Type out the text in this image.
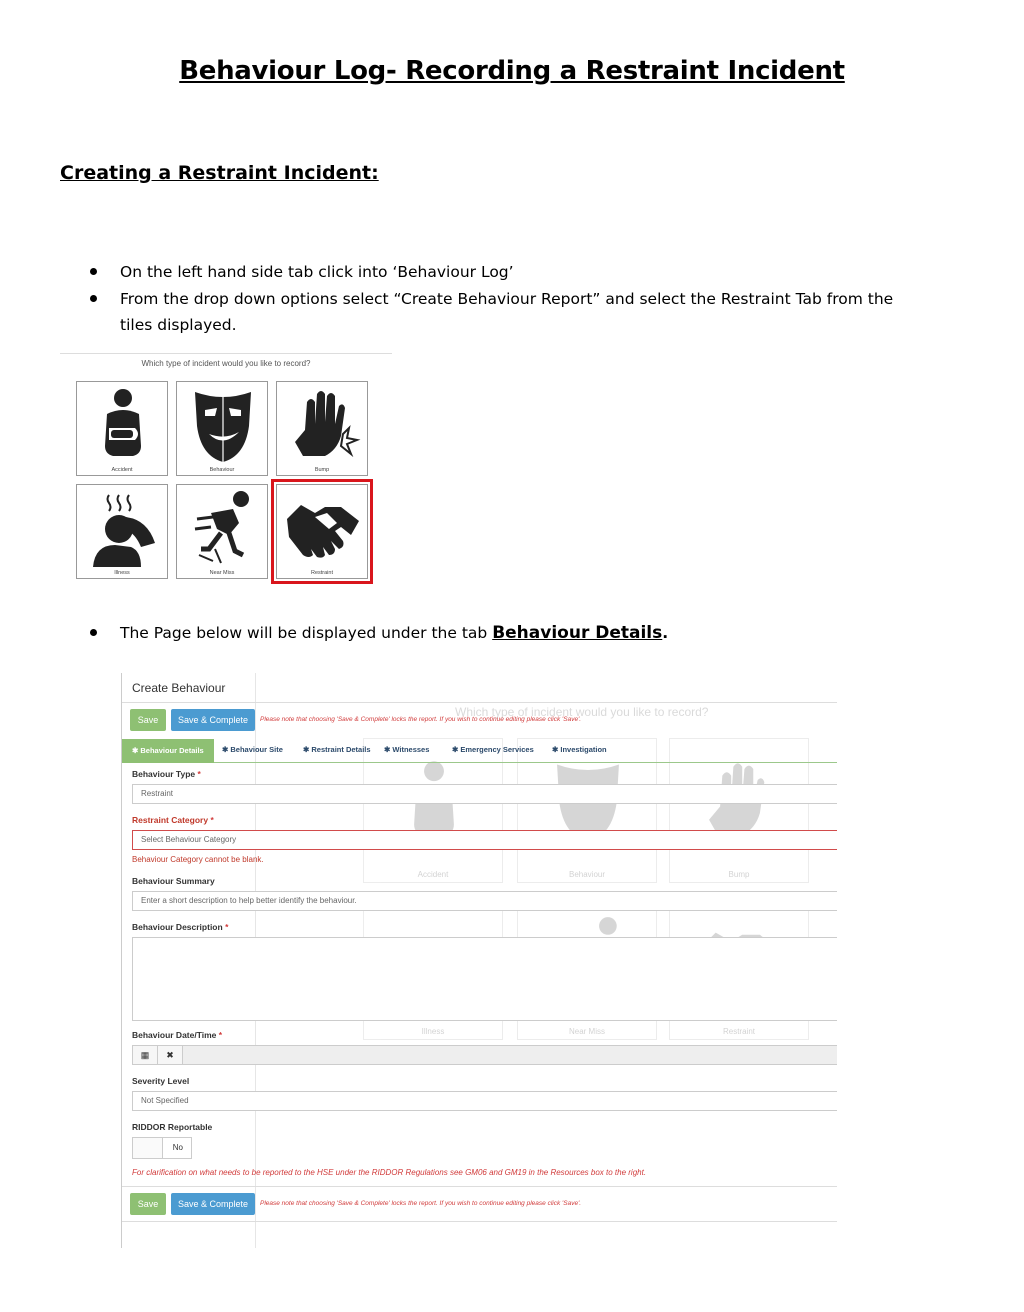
Behaviour Log- Recording a Restraint Incident
Creating a Restraint Incident:
On the left hand side tab click into ‘Behaviour Log’
From the drop down options select “Create Behaviour Report” and select the Restraint Tab from the tiles displayed.
The Page below will be displayed under the tab Behaviour Details.
Which type of incident would you like to record?
Accident	Behaviour	Bump
Illness	Near Miss	Restraint
Which type of incident would you like to record?
Accident	Behaviour	Bump
Illness	Near Miss	Restraint
Create Behaviour
Save	Save & Complete	Please note that choosing 'Save & Complete' locks the report. If you wish to continue editing please click 'Save'.
✱ Behaviour Details	✱ Behaviour Site	✱ Restraint Details ✱ Witnesses	✱ Emergency Services ✱ Investigation
Behaviour Type *
Restraint
Restraint Category *
Select Behaviour Category
Behaviour Category cannot be blank.
Behaviour Summary
Enter a short description to help better identify the behaviour.
Behaviour Description *
Behaviour Date/Time *
▦	✖
Severity Level
Not Specified
RIDDOR Reportable
No
For clarification on what needs to be reported to the HSE under the RIDDOR Regulations see GM06 and GM19 in the Resources box to the right.
Save	Save & Complete	Please note that choosing 'Save & Complete' locks the report. If you wish to continue editing please click 'Save'.
